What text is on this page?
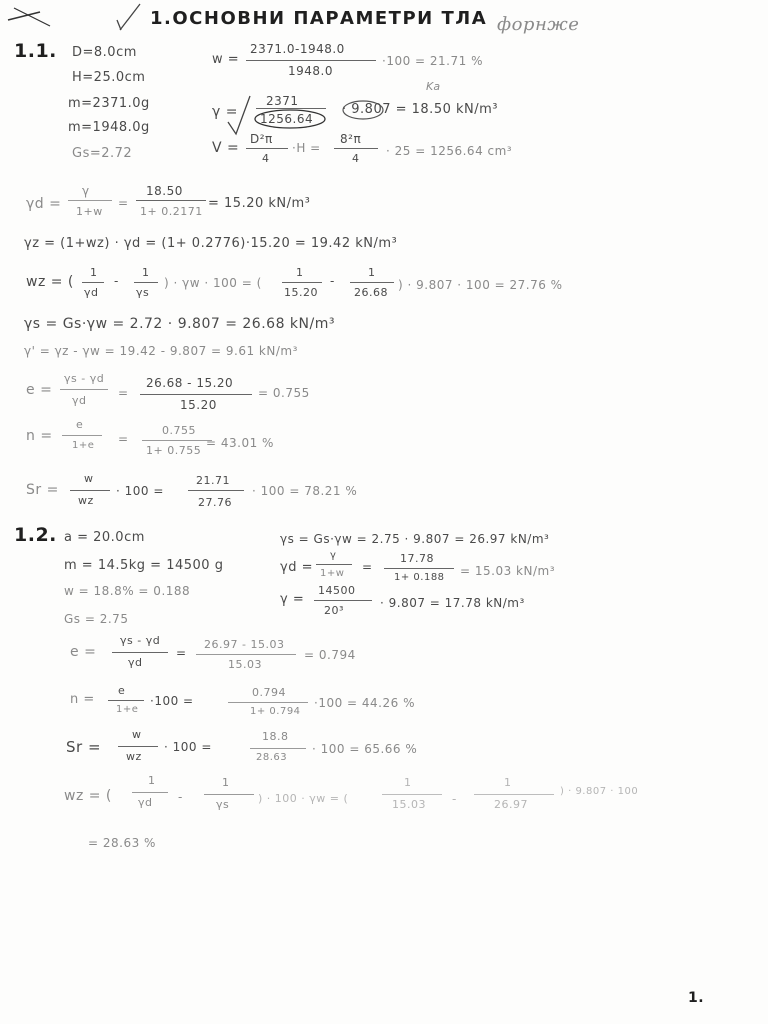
1.ОСНОВНИ ПАРАМЕТРИ ТЛА форнже
1.1. D=8.0cm
H=25.0cm
m=2371.0g
m=1948.0g
Gs=2.72
w =
2371.0-1948.0
1948.0
·100 = 21.71 %
Ka
γ =
2371
1256.64
· 9.807 = 18.50 kN/m³
V =
D²π
4
·H =
8²π
4
· 25 = 1256.64 cm³
γd =
γ
1+w
=
18.50
1+ 0.2171
= 15.20 kN/m³
γz = (1+wz) · γd = (1+ 0.2776)·15.20 = 19.42 kN/m³
wz = (
1
γd
-
1
γs
) · γw · 100 = (
1
15.20
-
1
26.68
) · 9.807 · 100 = 27.76 %
γs = Gs·γw = 2.72 · 9.807 = 26.68 kN/m³
γ' = γz - γw = 19.42 - 9.807 = 9.61 kN/m³
e =
γs - γd
γd
=
26.68 - 15.20
15.20
= 0.755
n =
e
1+e =
0.755
1+ 0.755
= 43.01 %
Sr =
w
wz
· 100 =
21.71
27.76
· 100 = 78.21 %
1.2. a = 20.0cm
m = 14.5kg = 14500 g
w = 18.8% = 0.188
Gs = 2.75
γs = Gs·γw = 2.75 · 9.807 = 26.97 kN/m³
γd =
γ
1+w =
17.78
1+ 0.188 = 15.03 kN/m³
γ =
14500
20³
· 9.807 = 17.78 kN/m³
e =
γs - γd
γd
=
26.97 - 15.03
15.03
= 0.794
n =
e
1+e
·100 =
0.794
1+ 0.794
·100 = 44.26 %
Sr =
w
wz
· 100 =
18.8
28.63
· 100 = 65.66 %
wz = (
1
γd -
1
γs	) · 100 · γw = (
1
15.03 -
1
26.97
) · 9.807 · 100
= 28.63 %
1.
